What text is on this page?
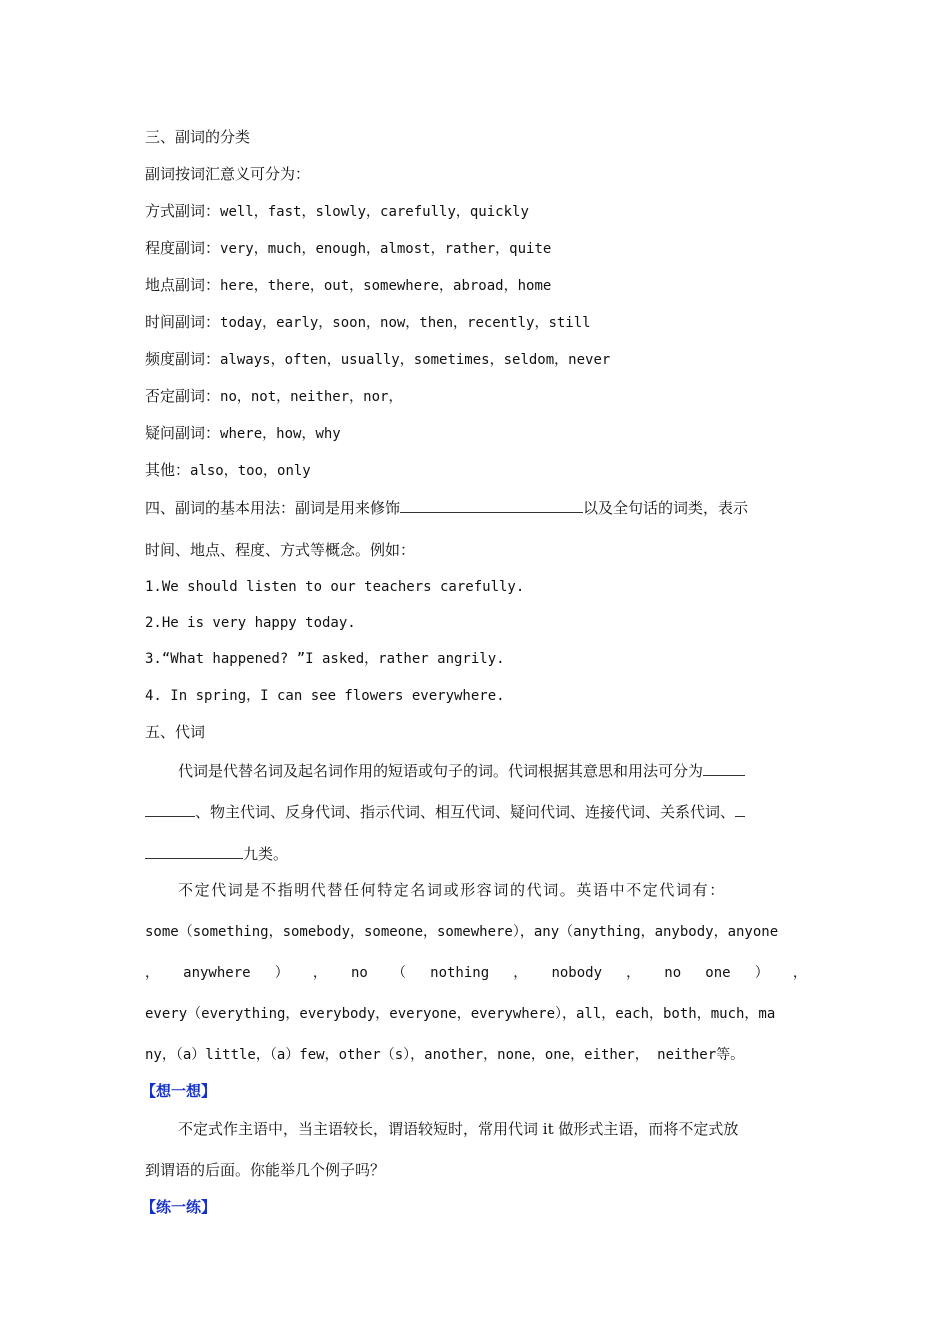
三、副词的分类
副词按词汇意义可分为：
方式副词：well，fast，slowly，carefully，quickly
程度副词：very，much，enough，almost，rather，quite
地点副词：here，there，out，somewhere，abroad，home
时间副词：today，early，soon，now，then，recently，still
频度副词：always，often，usually，sometimes，seldom，never
否定副词：no，not，neither，nor，
疑问副词：where，how，why
其他：also，too，only
四、副词的基本用法：副词是用来修饰	以及全句话的词类，表示
时间、地点、程度、方式等概念。例如：
1.We should listen to our teachers carefully.
2.He is very happy today.
3.“What happened? ”I asked，rather angrily.
4. In spring，I can see flowers everywhere.
五、代词
代词是代替名词及起名词作用的短语或句子的词。代词根据其意思和用法可分为
、物主代词、反身代词、指示代词、相互代词、疑问代词、连接代词、关系代词、
九类。
不定代词是不指明代替任何特定名词或形容词的代词。英语中不定代词有：
some（something，somebody，someone，somewhere），any（anything，anybody，anyone
， anywhere ） ， no （ nothing ， nobody ， no one ） ，
every（everything，everybody，everyone，everywhere），all，each，both，much，ma
ny，（a）little，（a）few，other（s），another，none，one，either， neither等。
【想一想】
不定式作主语中，当主语较长，谓语较短时，常用代词 it 做形式主语，而将不定式放
到谓语的后面。你能举几个例子吗？
【练一练】
